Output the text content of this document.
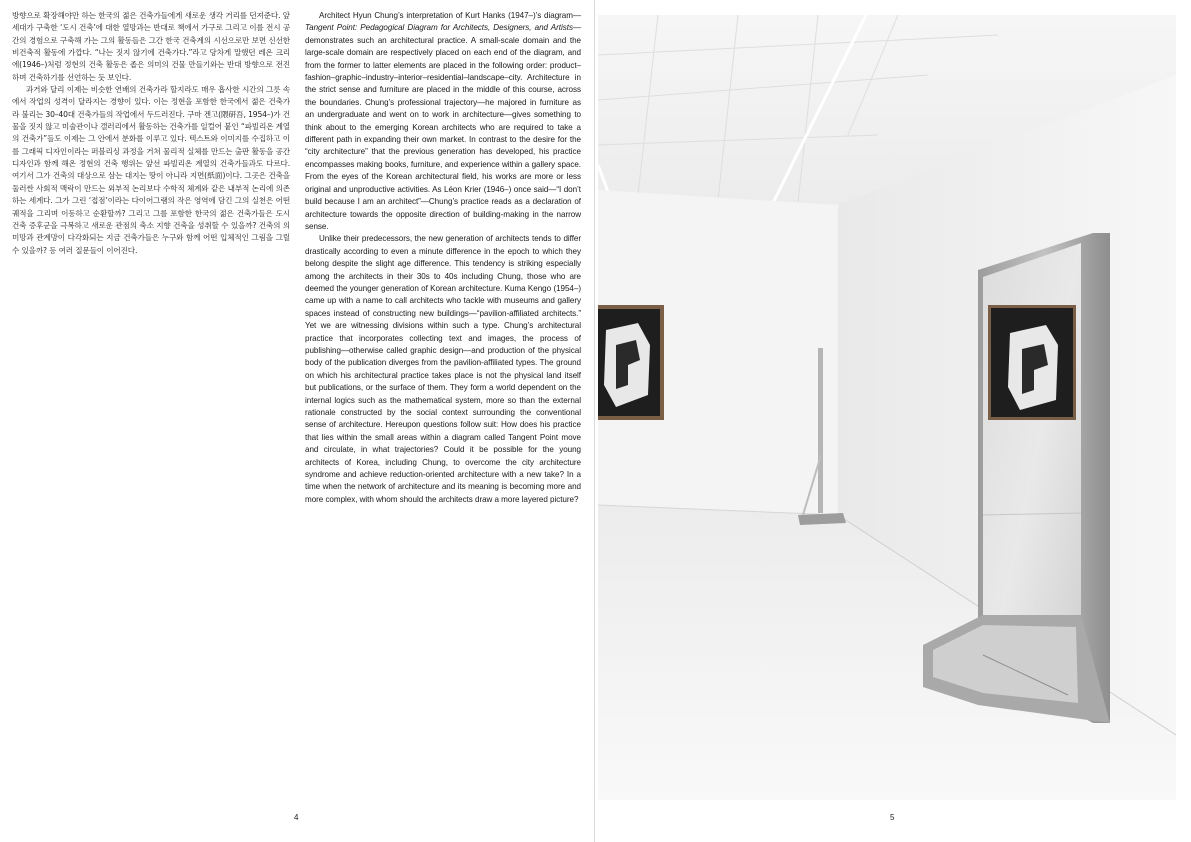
방향으로 확장해야만 하는 한국의 젊은 건축가들에게 새로운 생각 거리를 던져준다. 앞 세대가 구축한 ‘도시 건축’에 대한 열망과는 반대로 책에서 가구로 그리고 이를 전시 공간의 경험으로 구축해 가는 그의 활동들은 그간 한국 건축계의 시선으로만 보면 신선한 비건축적 활동에 가깝다. “나는 짓지 않기에 건축가다.”라고 당차게 말했던 레온 크리에(1946–)처럼 정현의 건축 활동은 좁은 의미의 건물 만들기와는 반대 방향으로 전진하며 건축하기를 선언하는 듯 보인다.

과거와 달리 이제는 비슷한 연배의 건축가라 할지라도 매우 흡사한 시간의 그릇 속에서 작업의 성격이 달라지는 경향이 있다. 이는 정현을 포함한 한국에서 젊은 건축가라 불리는 30–40대 건축가들의 작업에서 두드러진다. 구마 겐고(隈研吾, 1954–)가 건물을 짓지 않고 미술관이나 갤러리에서 활동하는 건축가를 일컬어 붙인 “파빌리온 계열의 건축가”들도 이제는 그 안에서 분화를 이루고 있다. 텍스트와 이미지를 수집하고 이를 그래픽 디자인이라는 퍼블리싱 과정을 거쳐 물리적 실체를 만드는 출판 활동을 공간 디자인과 함께 해온 정현의 건축 행위는 앞선 파빌리온 계열의 건축가들과도 다르다. 여기서 그가 건축의 대상으로 삼는 대지는 땅이 아니라 지면(紙面)이다. 그곳은 건축을 둘러싼 사회적 맥락이 만드는 외부적 논리보다 수학적 체계와 같은 내부적 논리에 의존하는 세계다. 그가 그린 ‘접점’이라는 다이어그램의 작은 영역에 담긴 그의 실천은 어떤 궤적을 그리며 이동하고 순환할까? 그리고 그를 포함한 한국의 젊은 건축가들은 도시 건축 증후군을 극복하고 새로운 관점의 축소 지향 건축을 성취할 수 있을까? 건축의 의미망과 관계망이 다각화되는 지금 건축가들은 누구와 함께 어떤 입체적인 그림을 그릴 수 있을까? 등 여러 질문들이 이어진다.

Architect Hyun Chung’s interpretation of Kurt Hanks (1947–)’s diagram—Tangent Point: Pedagogical Diagram for Architects, Designers, and Artists—demonstrates such an architectural practice. A small-scale domain and the large-scale domain are respectively placed on each end of the diagram, and from the former to latter elements are placed in the following order: product–fashion–graphic–industry–interior–residential–landscape–city. Architecture in the strict sense and furniture are placed in the middle of this course, across the boundaries. Chung’s professional trajectory—he majored in furniture as an undergraduate and went on to work in architecture—gives something to think about to the emerging Korean architects who are required to take a different path in expanding their own market. In contrast to the desire for the “city architecture” that the previous generation has developed, his practice encompasses making books, furniture, and experience within a gallery space. From the eyes of the Korean architectural field, his works are more or less original and unproductive activities. As Léon Krier (1946–) once said—“I don’t build because I am an architect”—Chung’s practice reads as a declaration of architecture towards the opposite direction of building-making in the narrow sense.

Unlike their predecessors, the new generation of architects tends to differ drastically according to even a minute difference in the epoch to which they belong despite the slight age difference. This tendency is striking especially among the architects in their 30s to 40s including Chung, those who are deemed the younger generation of Korean architecture. Kuma Kengo (1954–) came up with a name to call architects who tackle with museums and gallery spaces instead of constructing new buildings—“pavilion-affiliated architects.” Yet we are witnessing divisions within such a type. Chung’s architectural practice that incorporates collecting text and images, the process of publishing—otherwise called graphic design—and production of the physical body of the publication diverges from the pavilion-affiliated types. The ground on which his architectural practice takes place is not the physical land itself but publications, or the surface of them. They form a world dependent on the internal logics such as the mathematical system, more so than the external rationale constructed by the social context surrounding the conventional sense of architecture. Hereupon questions follow suit: How does his practice that lies within the small areas within a diagram called Tangent Point move and circulate, in what trajectories? Could it be possible for the young architects of Korea, including Chung, to overcome the city architecture syndrome and achieve reduction-oriented architecture with a new take? In a time when the network of architecture and its meaning is becoming more and more complex, with whom should the architects draw a more layered picture?

4	5
